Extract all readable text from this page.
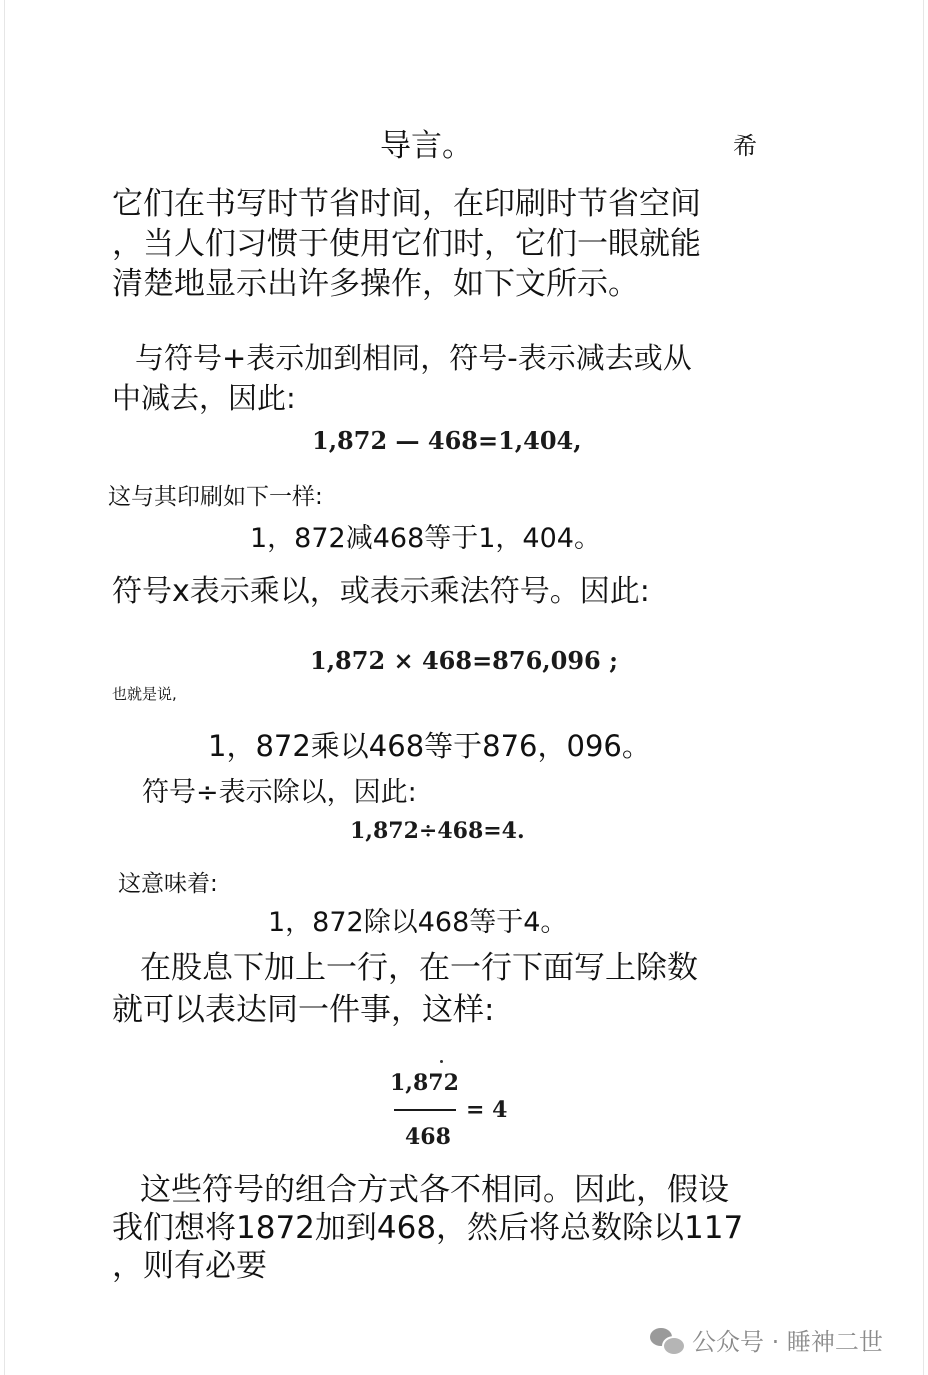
导言。	希
它们在书写时节省时间，在印刷时节省空间
，当人们习惯于使用它们时，它们一眼就能
清楚地显示出许多操作，如下文所示。
与符号+表示加到相同，符号-表示减去或从
中减去，因此:
1,872 — 468=1,404,
这与其印刷如下一样:
1，872减468等于1，404。
符号x表示乘以，或表示乘法符号。因此:
1,872 × 468=876,096 ;
也就是说,
1，872乘以468等于876，096。
符号÷表示除以，因此:
1,872÷468=4.
这意味着:
1，872除以468等于4。
在股息下加上一行，在一行下面写上除数
就可以表达同一件事，这样:
1,872
= 4
468
这些符号的组合方式各不相同。因此，假设
我们想将1872加到468，然后将总数除以117
，则有必要
公众号 · 睡神二世
